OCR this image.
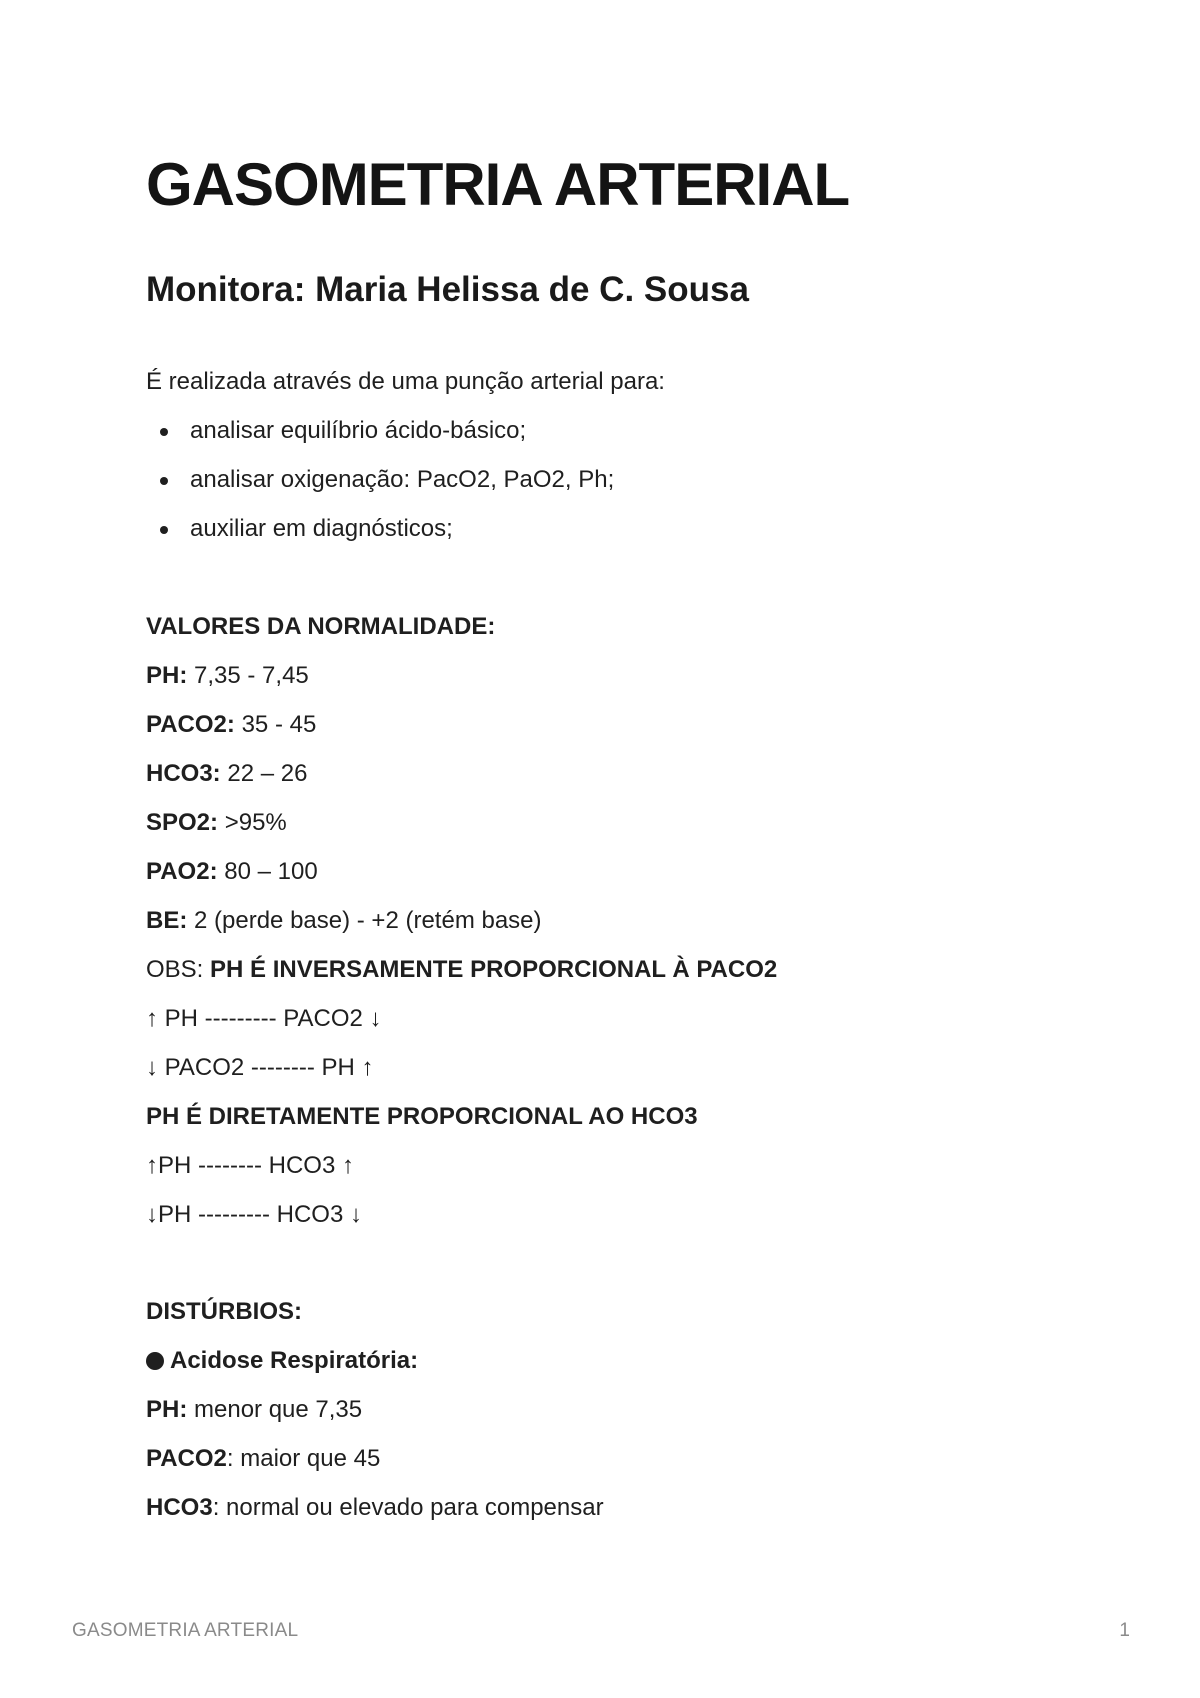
GASOMETRIA ARTERIAL
Monitora: Maria Helissa de C. Sousa
É realizada através de uma punção arterial para:
analisar equilíbrio ácido-básico;
analisar oxigenação: PacO2, PaO2, Ph;
auxiliar em diagnósticos;
VALORES DA NORMALIDADE:
PH: 7,35 - 7,45
PACO2: 35 - 45
HCO3: 22 – 26
SPO2: >95%
PAO2: 80 – 100
BE: 2 (perde base) - +2 (retém base)
OBS: PH É INVERSAMENTE PROPORCIONAL À PACO2
↑ PH --------- PACO2 ↓
↓ PACO2 -------- PH ↑
PH É DIRETAMENTE PROPORCIONAL AO HCO3
↑PH -------- HCO3 ↑
↓PH --------- HCO3 ↓
DISTÚRBIOS:
Acidose Respiratória:
PH: menor que 7,35
PACO2: maior que 45
HCO3: normal ou elevado para compensar
GASOMETRIA ARTERIAL	1
